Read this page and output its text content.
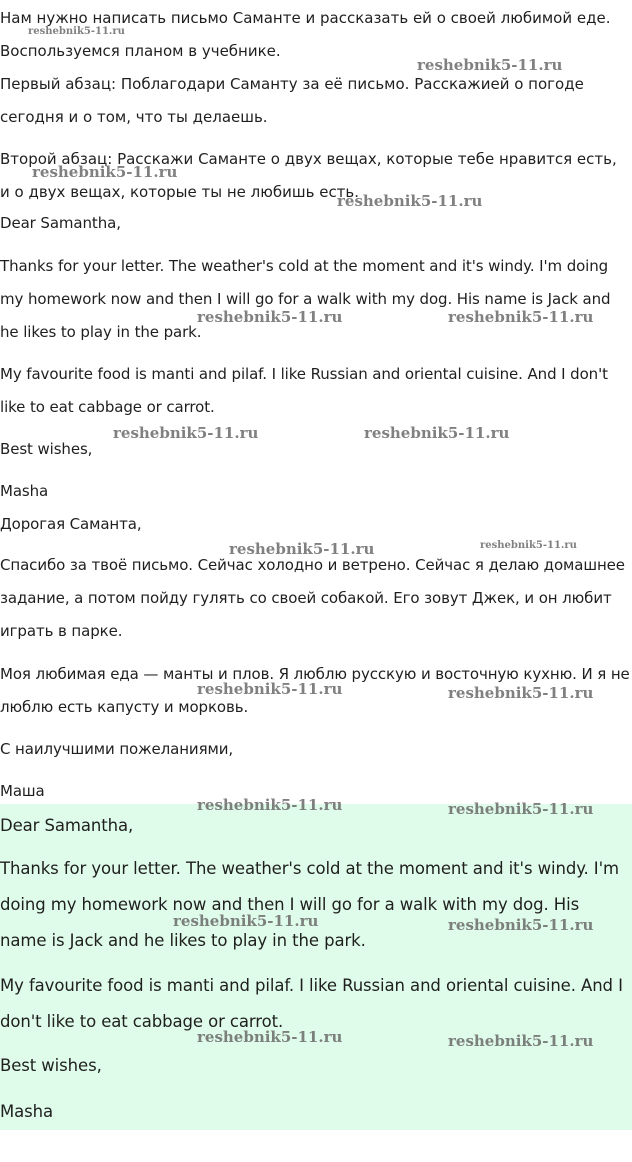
Нам нужно написать письмо Саманте и рассказать ей о своей любимой еде.

Воспользуемся планом в учебнике.

Первый абзац: Поблагодари Саманту за её письмо. Расскажией о погоде сегодня и о том, что ты делаешь.

Второй абзац: Расскажи Саманте о двух вещах, которые тебе нравится есть, и о двух вещах, которые ты не любишь есть.

Dear Samantha,

Thanks for your letter. The weather's cold at the moment and it's windy. I'm doing my homework now and then I will go for a walk with my dog. His name is Jack and he likes to play in the park.

My favourite food is manti and pilaf. I like Russian and oriental cuisine. And I don't like to eat cabbage or carrot.

Best wishes,

Masha

Дорогая Саманта,

Спасибо за твоё письмо. Сейчас холодно и ветрено. Сейчас я делаю домашнее задание, а потом пойду гулять со своей собакой. Его зовут Джек, и он любит играть в парке.

Моя любимая еда — манты и плов. Я люблю русскую и восточную кухню. И я не люблю есть капусту и морковь.

С наилучшими пожеланиями,

Маша

Dear Samantha,

Thanks for your letter. The weather's cold at the moment and it's windy. I'm doing my homework now and then I will go for a walk with my dog. His name is Jack and he likes to play in the park.

My favourite food is manti and pilaf. I like Russian and oriental cuisine. And I don't like to eat cabbage or carrot.

Best wishes,

Masha

reshebnik5-11.ru
reshebnik5-11.ru
reshebnik5-11.ru
reshebnik5-11.ru
reshebnik5-11.ru	reshebnik5-11.ru
reshebnik5-11.ru	reshebnik5-11.ru
reshebnik5-11.ru	reshebnik5-11.ru
reshebnik5-11.ru	reshebnik5-11.ru
reshebnik5-11.ru	reshebnik5-11.ru
reshebnik5-11.ru	reshebnik5-11.ru
reshebnik5-11.ru	reshebnik5-11.ru
